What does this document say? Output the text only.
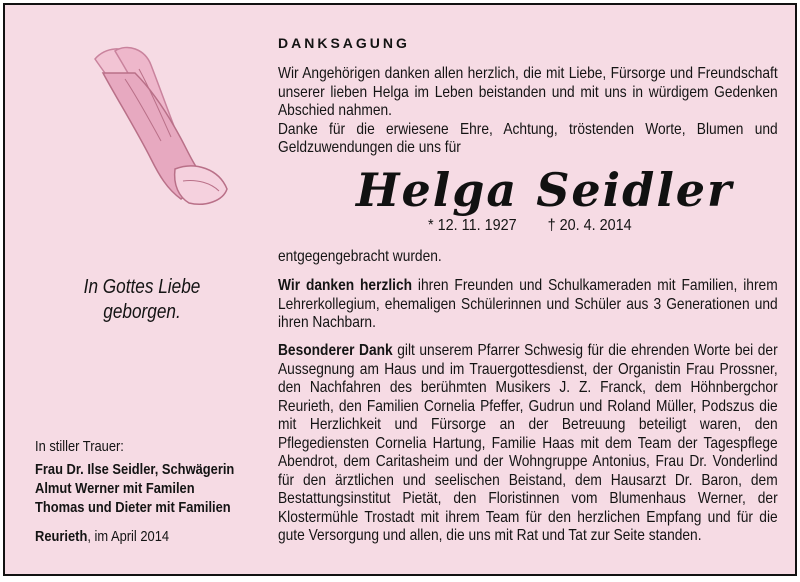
In Gottes Liebe
geborgen.
In stiller Trauer:
Frau Dr. Ilse Seidler, Schwägerin
Almut Werner mit Familen
Thomas und Dieter mit Familien
Reurieth, im April 2014
DANKSAGUNG

Wir Angehörigen danken allen herzlich, die mit Liebe, Fürsorge und Freundschaft unserer lieben Helga im Leben beistanden und mit uns in würdigem Gedenken Abschied nahmen.

Danke für die erwiesene Ehre, Achtung, tröstenden Worte, Blumen und Geldzuwendungen die uns für

Helga Seidler
* 12. 11. 1927 † 20. 4. 2014

entgegengebracht wurden.

Wir danken herzlich ihren Freunden und Schulkameraden mit Familien, ihrem Lehrerkollegium, ehemaligen Schülerinnen und Schüler aus 3 Generationen und ihren Nachbarn.

Besonderer Dank gilt unserem Pfarrer Schwesig für die ehrenden Worte bei der Aussegnung am Haus und im Trauergottesdienst, der Organistin Frau Prossner, den Nachfahren des berühmten Musikers J. Z. Franck, dem Höhnbergchor Reurieth, den Familien Cornelia Pfeffer, Gudrun und Roland Müller, Podszus die mit Herzlichkeit und Fürsorge an der Betreuung beteiligt waren, den Pflegediensten Cornelia Hartung, Familie Haas mit dem Team der Tagespflege Abendrot, dem Caritasheim und der Wohngruppe Antonius, Frau Dr. Vonderlind für den ärztlichen und seelischen Beistand, dem Hausarzt Dr. Baron, dem Bestattungsinstitut Pietät, den Floristinnen vom Blumenhaus Werner, der Klostermühle Trostadt mit ihrem Team für den herzlichen Empfang und für die gute Versorgung und allen, die uns mit Rat und Tat zur Seite standen.
